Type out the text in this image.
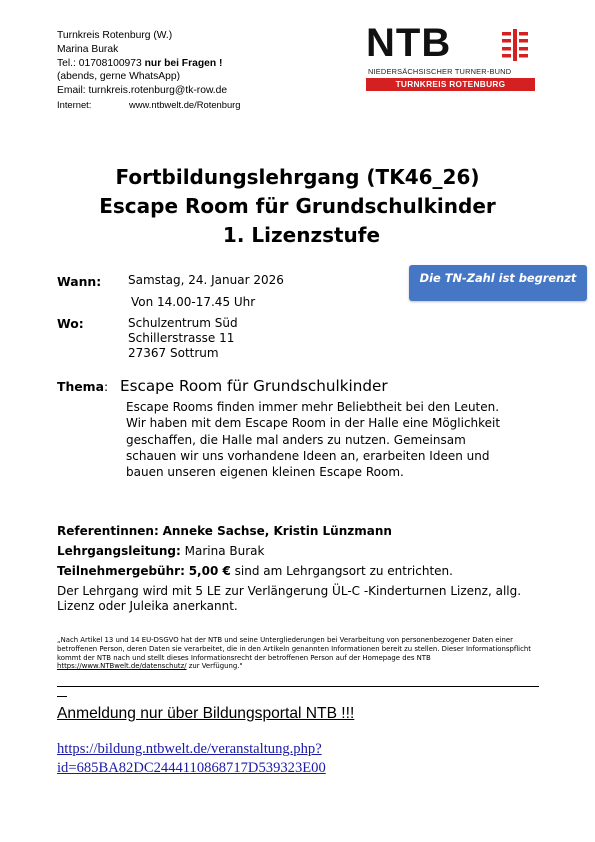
Turnkreis Rotenburg (W.)
Marina Burak
Tel.: 01708100973 nur bei Fragen !
(abends, gerne WhatsApp)
Email: turnkreis.rotenburg@tk-row.de
Internet:	www.ntbwelt.de/Rotenburg
NTB
NIEDERSÄCHSISCHER TURNER-BUND
TURNKREIS ROTENBURG
Fortbildungslehrgang (TK46_26)
Escape Room für Grundschulkinder
1. Lizenzstufe
Wann: Samstag, 24. Januar 2026
Von 14.00-17.45 Uhr
Wo:	Schulzentrum Süd
Schillerstrasse 11
27367 Sottrum
Die TN-Zahl ist begrenzt
Thema: Escape Room für Grundschulkinder
Escape Rooms finden immer mehr Beliebtheit bei den Leuten.
Wir haben mit dem Escape Room in der Halle eine Möglichkeit
geschaffen, die Halle mal anders zu nutzen. Gemeinsam
schauen wir uns vorhandene Ideen an, erarbeiten Ideen und
bauen unseren eigenen kleinen Escape Room.
Referentinnen: Anneke Sachse, Kristin Lünzmann
Lehrgangsleitung: Marina Burak
Teilnehmergebühr: 5,00 € sind am Lehrgangsort zu entrichten.
Der Lehrgang wird mit 5 LE zur Verlängerung ÜL-C -Kinderturnen Lizenz, allg.
Lizenz oder Juleika anerkannt.
„Nach Artikel 13 und 14 EU-DSGVO hat der NTB und seine Untergliederungen bei Verarbeitung von personenbezogener Daten einer betroffenen Person, deren Daten sie verarbeitet, die in den Artikeln genannten Informationen bereit zu stellen. Dieser Informationspflicht kommt der NTB nach und stellt dieses Informationsrecht der betroffenen Person auf der Homepage des NTB https://www.NTBwelt.de/datenschutz/ zur Verfügung."
Anmeldung nur über Bildungsportal NTB !!!
https://bildung.ntbwelt.de/veranstaltung.php?
id=685BA82DC2444110868717D539323E00
